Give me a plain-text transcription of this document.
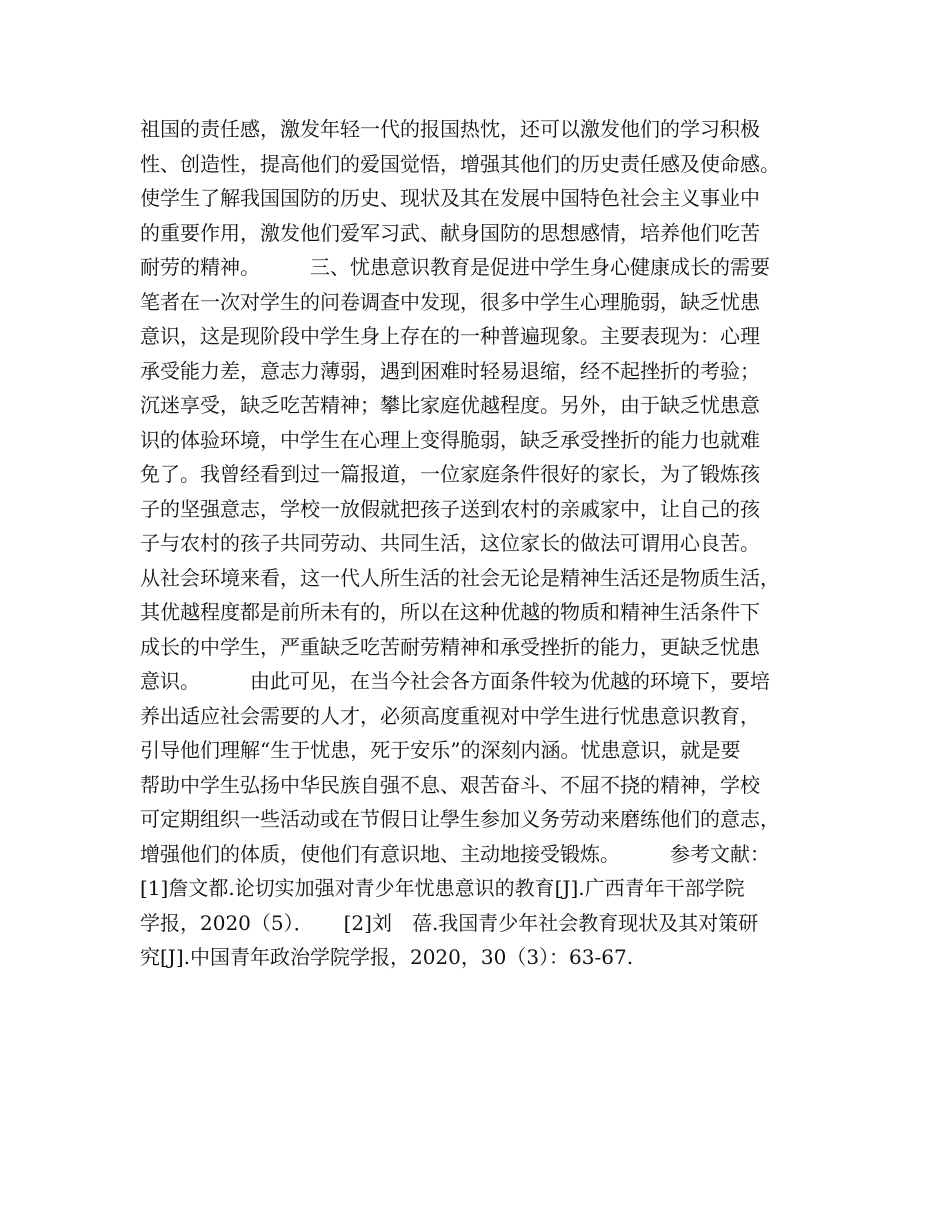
祖国的责任感，激发年轻一代的报国热忱，还可以激发他们的学习积极
性、创造性，提高他们的爱国觉悟，增强其他们的历史责任感及使命感。
使学生了解我国国防的历史、现状及其在发展中国特色社会主义事业中
的重要作用，激发他们爱军习武、献身国防的思想感情，培养他们吃苦
耐劳的精神。　　　三、忧患意识教育是促进中学生身心健康成长的需要
笔者在一次对学生的问卷调查中发现，很多中学生心理脆弱，缺乏忧患
意识，这是现阶段中学生身上存在的一种普遍现象。主要表现为：心理
承受能力差，意志力薄弱，遇到困难时轻易退缩，经不起挫折的考验；
沉迷享受，缺乏吃苦精神；攀比家庭优越程度。另外，由于缺乏忧患意
识的体验环境，中学生在心理上变得脆弱，缺乏承受挫折的能力也就难
免了。我曾经看到过一篇报道，一位家庭条件很好的家长，为了锻炼孩
子的坚强意志，学校一放假就把孩子送到农村的亲戚家中，让自己的孩
子与农村的孩子共同劳动、共同生活，这位家长的做法可谓用心良苦。
从社会环境来看，这一代人所生活的社会无论是精神生活还是物质生活，
其优越程度都是前所未有的，所以在这种优越的物质和精神生活条件下
成长的中学生，严重缺乏吃苦耐劳精神和承受挫折的能力，更缺乏忧患
意识。　　　由此可见，在当今社会各方面条件较为优越的环境下，要培
养出适应社会需要的人才，必须高度重视对中学生进行忧患意识教育，
引导他们理解“生于忧患，死于安乐”的深刻内涵。忧患意识，就是要
帮助中学生弘扬中华民族自强不息、艰苦奋斗、不屈不挠的精神，学校
可定期组织一些活动或在节假日让學生参加义务劳动来磨练他们的意志，
增强他们的体质，使他们有意识地、主动地接受锻炼。　　　参考文献：
[1]詹文都.论切实加强对青少年忧患意识的教育[J].广西青年干部学院
学报，2020（5）．　　[2]刘　蓓.我国青少年社会教育现状及其对策研
究[J].中国青年政治学院学报，2020，30（3）：63-67.
